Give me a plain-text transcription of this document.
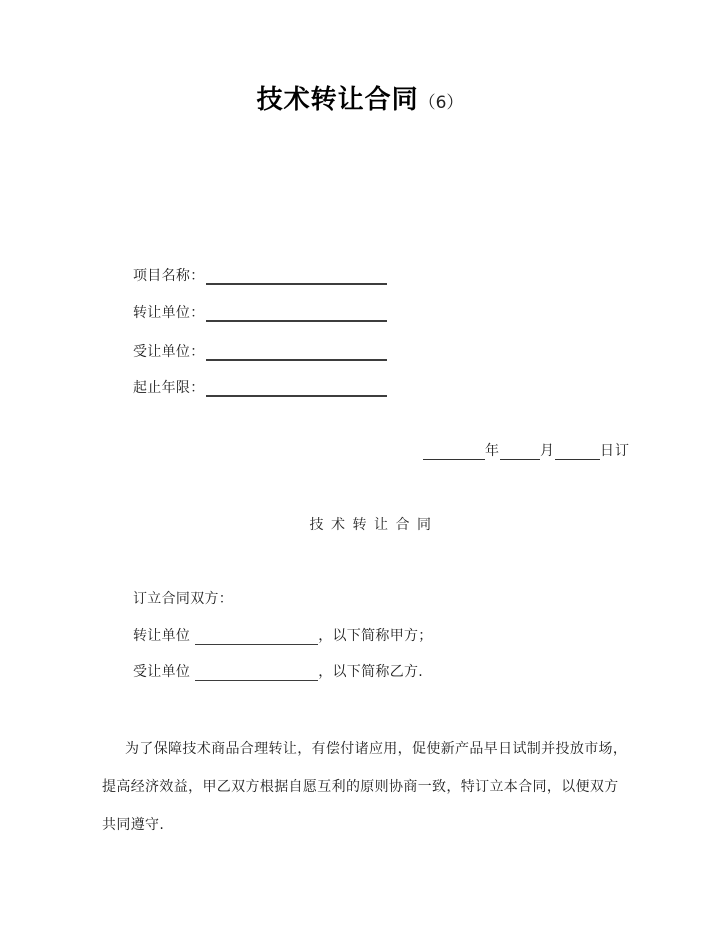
技术转让合同（6）
项目名称：
转让单位：
受让单位：
起止年限：
年	月	日订
技术转让合同
订立合同双方：
转让单位	，以下简称甲方；
受让单位	，以下简称乙方.
为了保障技术商品合理转让，有偿付诸应用，促使新产品早日试制并投放市场，
提高经济效益，甲乙双方根据自愿互利的原则协商一致，特订立本合同，以便双方
共同遵守.
